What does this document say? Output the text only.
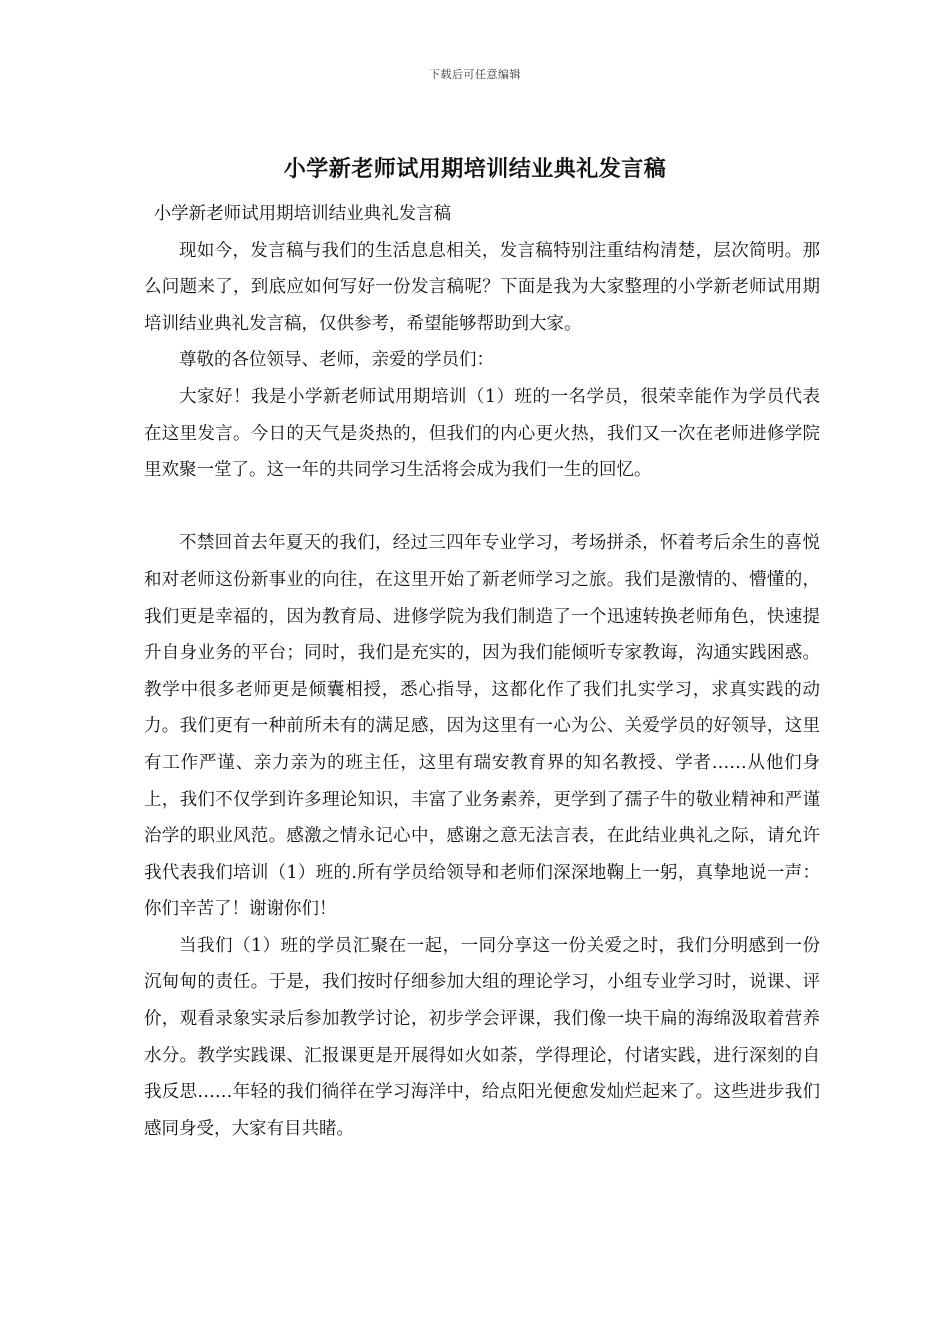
下载后可任意编辑
小学新老师试用期培训结业典礼发言稿

小学新老师试用期培训结业典礼发言稿

现如今，发言稿与我们的生活息息相关，发言稿特别注重结构清楚，层次简明。那么问题来了，到底应如何写好一份发言稿呢？下面是我为大家整理的小学新老师试用期培训结业典礼发言稿，仅供参考，希望能够帮助到大家。

尊敬的各位领导、老师，亲爱的学员们：

大家好！我是小学新老师试用期培训（1）班的一名学员，很荣幸能作为学员代表在这里发言。今日的天气是炎热的，但我们的内心更火热，我们又一次在老师进修学院里欢聚一堂了。这一年的共同学习生活将会成为我们一生的回忆。

不禁回首去年夏天的我们，经过三四年专业学习，考场拼杀，怀着考后余生的喜悦和对老师这份新事业的向往，在这里开始了新老师学习之旅。我们是激情的、懵懂的，我们更是幸福的，因为教育局、进修学院为我们制造了一个迅速转换老师角色，快速提升自身业务的平台；同时，我们是充实的，因为我们能倾听专家教诲，沟通实践困惑。教学中很多老师更是倾囊相授，悉心指导，这都化作了我们扎实学习，求真实践的动力。我们更有一种前所未有的满足感，因为这里有一心为公、关爱学员的好领导，这里有工作严谨、亲力亲为的班主任，这里有瑞安教育界的知名教授、学者……从他们身上，我们不仅学到许多理论知识，丰富了业务素养，更学到了孺子牛的敬业精神和严谨治学的职业风范。感激之情永记心中，感谢之意无法言表，在此结业典礼之际，请允许我代表我们培训（1）班的.所有学员给领导和老师们深深地鞠上一躬，真挚地说一声：你们辛苦了！谢谢你们！

当我们（1）班的学员汇聚在一起，一同分享这一份关爱之时，我们分明感到一份沉甸甸的责任。于是，我们按时仔细参加大组的理论学习，小组专业学习时，说课、评价，观看录象实录后参加教学讨论，初步学会评课，我们像一块干扁的海绵汲取着营养水分。教学实践课、汇报课更是开展得如火如荼，学得理论，付诸实践，进行深刻的自我反思……年轻的我们徜徉在学习海洋中，给点阳光便愈发灿烂起来了。这些进步我们感同身受，大家有目共睹。
